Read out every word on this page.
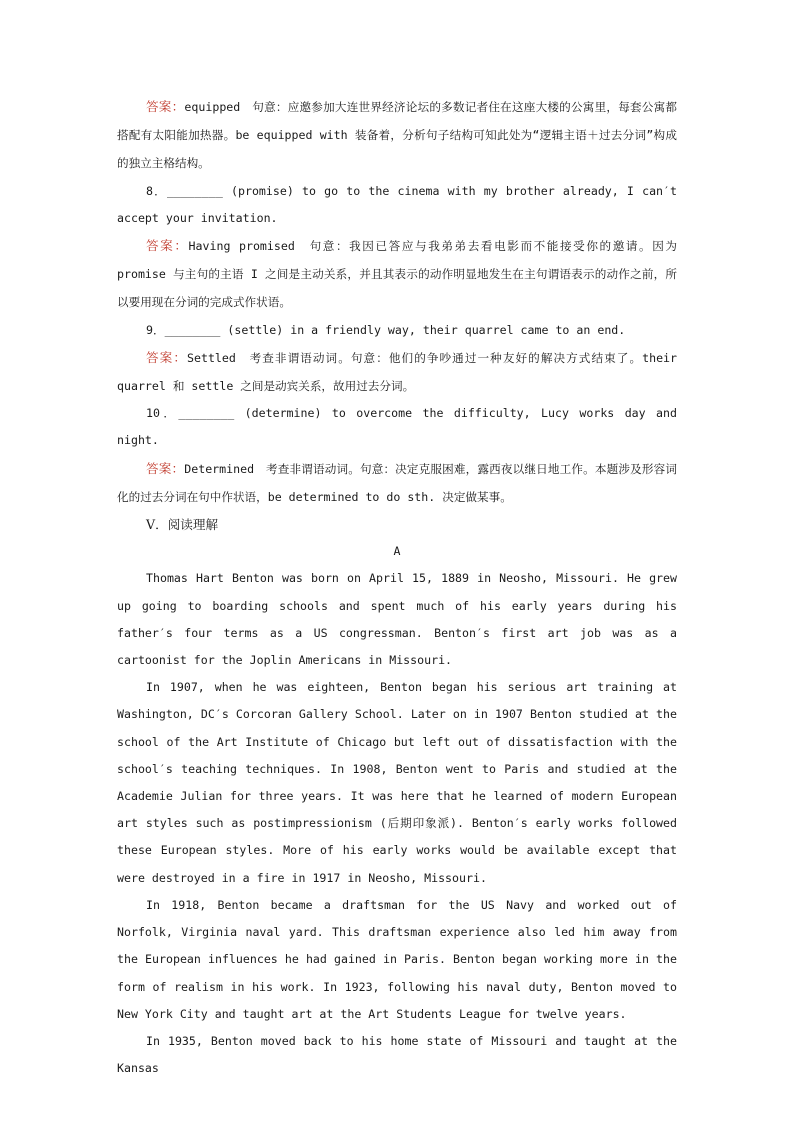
答案：equipped　句意：应邀参加大连世界经济论坛的多数记者住在这座大楼的公寓里，每套公寓都搭配有太阳能加热器。be equipped with 装备着，分析句子结构可知此处为“逻辑主语＋过去分词”构成的独立主格结构。

8．________ (promise) to go to the cinema with my brother already, I can′t accept your invitation.

答案：Having promised　句意：我因已答应与我弟弟去看电影而不能接受你的邀请。因为 promise 与主句的主语 I 之间是主动关系，并且其表示的动作明显地发生在主句谓语表示的动作之前，所以要用现在分词的完成式作状语。

9．________ (settle) in a friendly way, their quarrel came to an end.

答案：Settled　考查非谓语动词。句意：他们的争吵通过一种友好的解决方式结束了。their quarrel 和 settle 之间是动宾关系，故用过去分词。

10．________ (determine) to overcome the difficulty, Lucy works day and night.

答案：Determined　考查非谓语动词。句意：决定克服困难，露西夜以继日地工作。本题涉及形容词化的过去分词在句中作状语，be determined to do sth. 决定做某事。

Ⅴ．阅读理解

A

Thomas Hart Benton was born on April 15, 1889 in Neosho, Missouri. He grew up going to boarding schools and spent much of his early years during his father′s four terms as a US congressman. Benton′s first art job was as a cartoonist for the Joplin Americans in Missouri.

In 1907, when he was eighteen, Benton began his serious art training at Washington, DC′s Corcoran Gallery School. Later on in 1907 Benton studied at the school of the Art Institute of Chicago but left out of dissatisfaction with the school′s teaching techniques. In 1908, Benton went to Paris and studied at the Academie Julian for three years. It was here that he learned of modern European art styles such as postimpressionism (后期印象派). Benton′s early works followed these European styles. More of his early works would be available except that were destroyed in a fire in 1917 in Neosho, Missouri.

In 1918, Benton became a draftsman for the US Navy and worked out of Norfolk, Virginia naval yard. This draftsman experience also led him away from the European influences he had gained in Paris. Benton began working more in the form of realism in his work. In 1923, following his naval duty, Benton moved to New York City and taught art at the Art Students League for twelve years.

In 1935, Benton moved back to his home state of Missouri and taught at the Kansas
